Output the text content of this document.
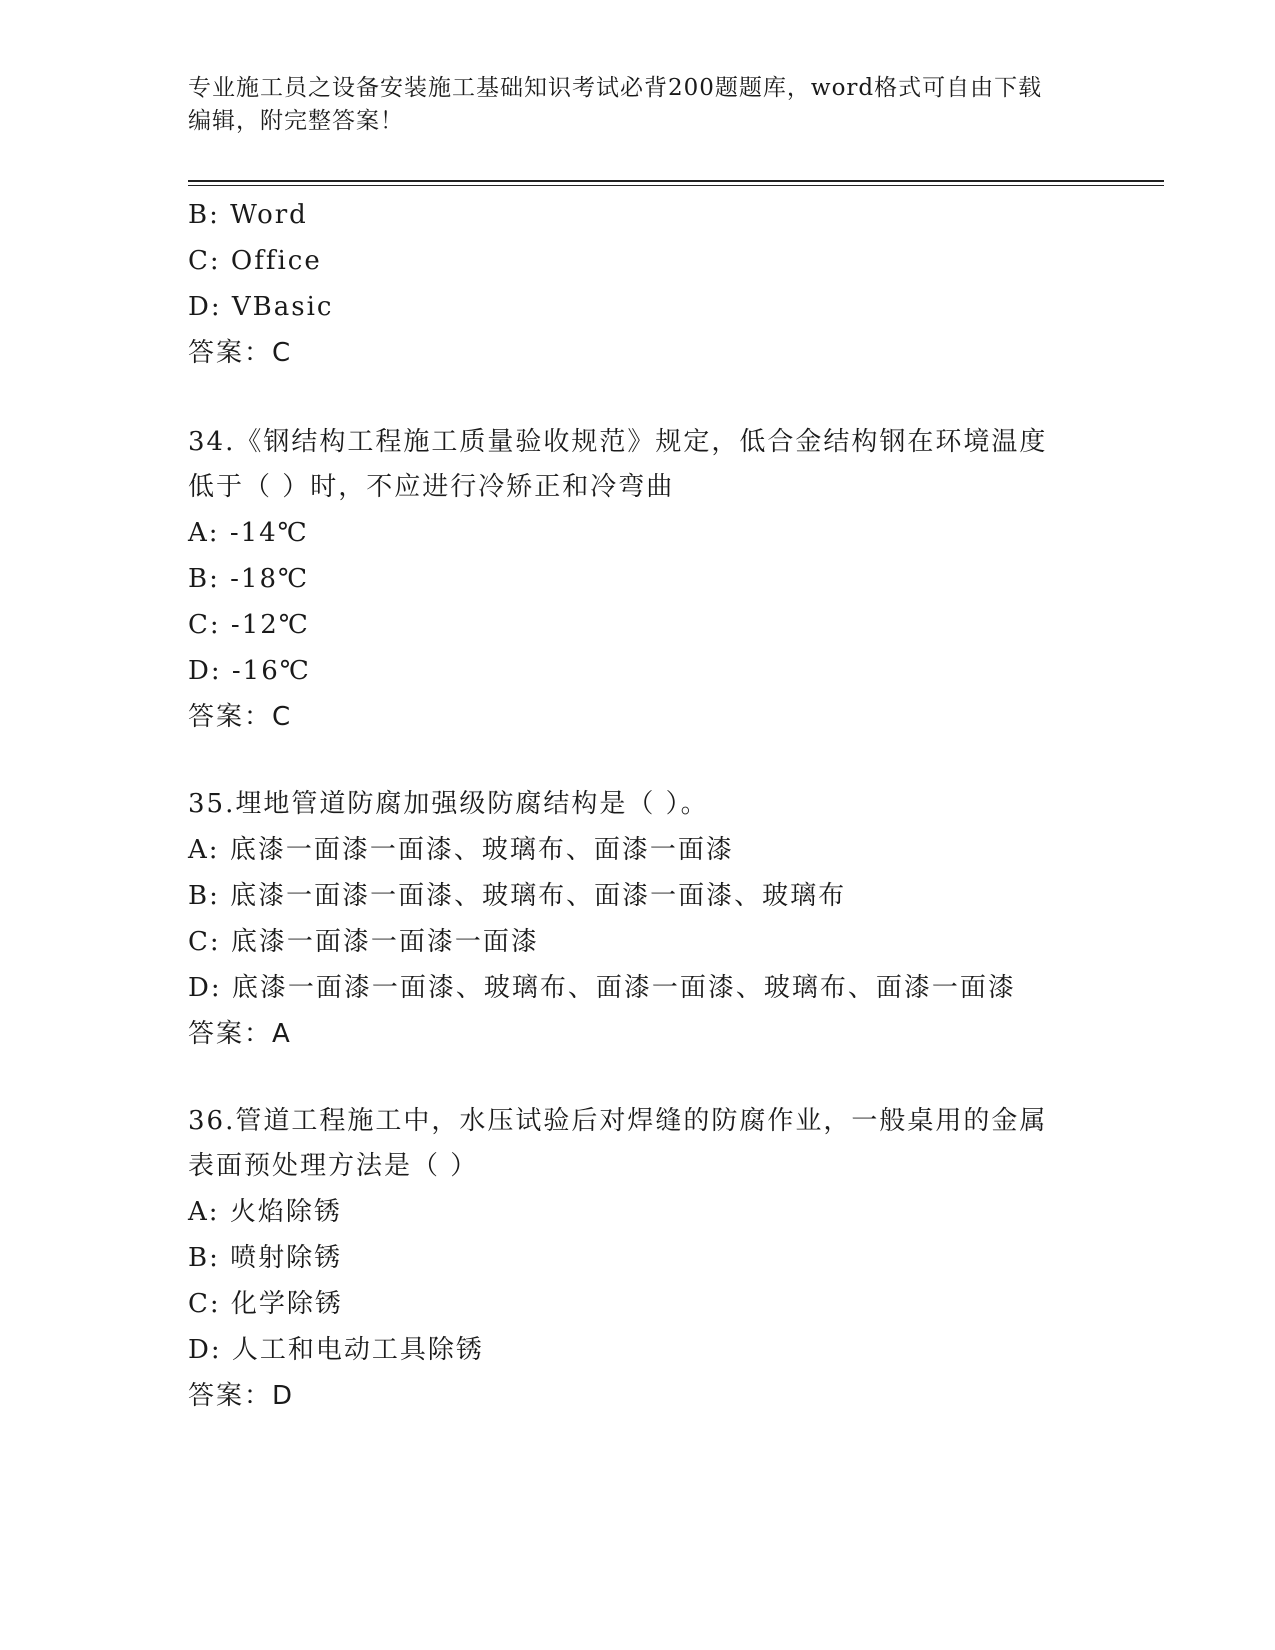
专业施工员之设备安装施工基础知识考试必背200题题库，word格式可自由下载
编辑，附完整答案！
B: Word
C: Office
D: VBasic
答案：C
34.《钢结构工程施工质量验收规范》规定，低合金结构钢在环境温度
低于（ ）时，不应进行冷矫正和冷弯曲
A: -14℃
B: -18℃
C: -12℃
D: -16℃
答案：C
35.埋地管道防腐加强级防腐结构是（ ）。
A: 底漆一面漆一面漆、玻璃布、面漆一面漆
B: 底漆一面漆一面漆、玻璃布、面漆一面漆、玻璃布
C: 底漆一面漆一面漆一面漆
D: 底漆一面漆一面漆、玻璃布、面漆一面漆、玻璃布、面漆一面漆
答案：A
36.管道工程施工中，水压试验后对焊缝的防腐作业，一般桌用的金属
表面预处理方法是（ ）
A: 火焰除锈
B: 喷射除锈
C: 化学除锈
D: 人工和电动工具除锈
答案：D
